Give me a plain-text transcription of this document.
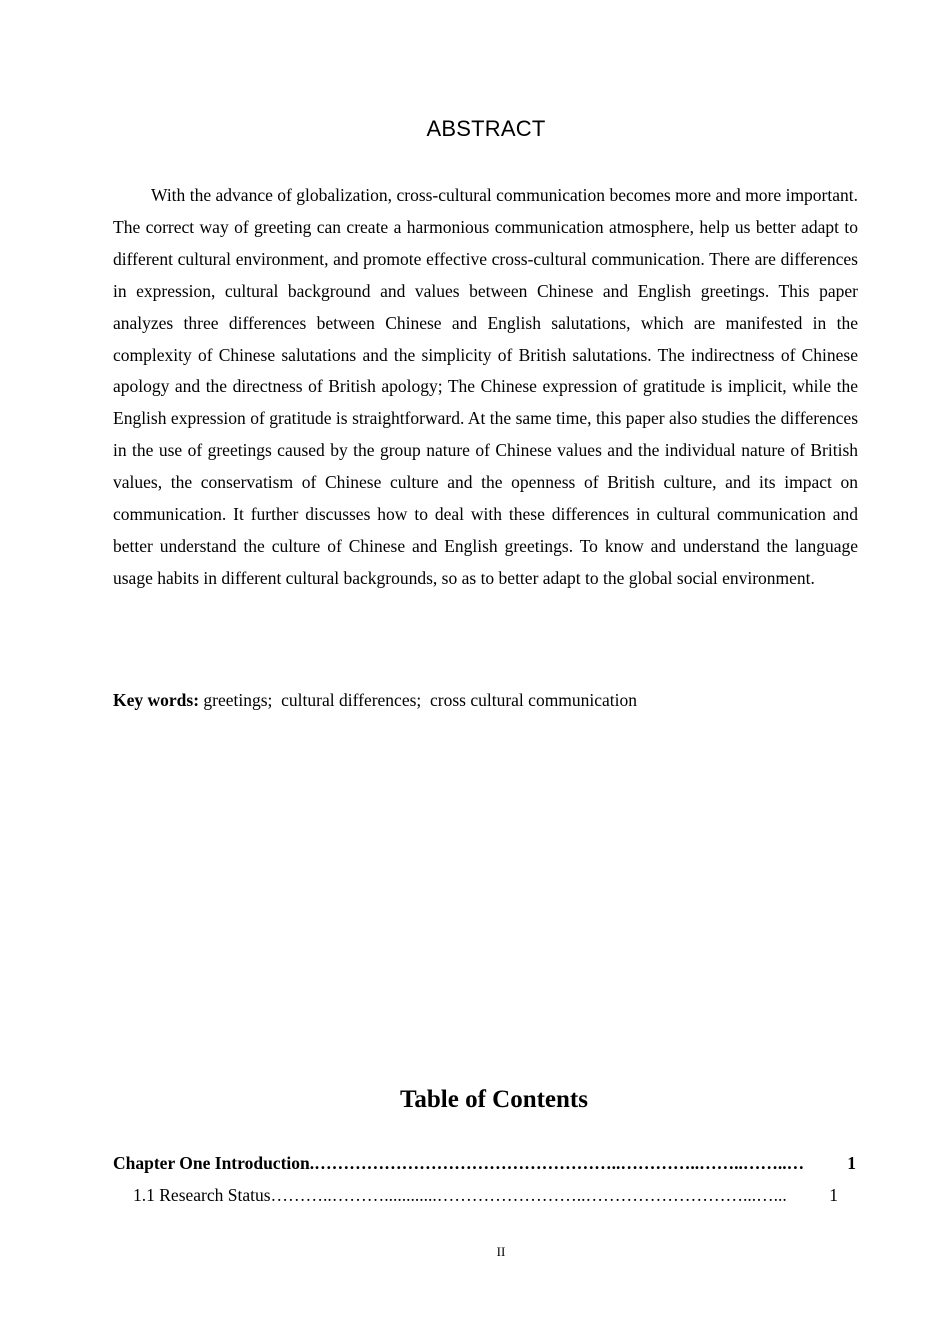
ABSTRACT

With the advance of globalization, cross-cultural communication becomes more and more important. The correct way of greeting can create a harmonious communication atmosphere, help us better adapt to different cultural environment, and promote effective cross-cultural communication. There are differences in expression, cultural background and values between Chinese and English greetings. This paper analyzes three differences between Chinese and English salutations, which are manifested in the complexity of Chinese salutations and the simplicity of British salutations. The indirectness of Chinese apology and the directness of British apology; The Chinese expression of gratitude is implicit, while the English expression of gratitude is straightforward. At the same time, this paper also studies the differences in the use of greetings caused by the group nature of Chinese values and the individual nature of British values, the conservatism of Chinese culture and the openness of British culture, and its impact on communication. It further discusses how to deal with these differences in cultural communication and better understand the culture of Chinese and English greetings. To know and understand the language usage habits in different cultural backgrounds, so as to better adapt to the global social environment.

Key words: greetings;  cultural differences;  cross cultural communication
Table of Contents
Chapter One Introduction .……………………………………………..…………..……..……..…	1
1.1 Research Status ………..………............……………………..………………………...…...	1
II
